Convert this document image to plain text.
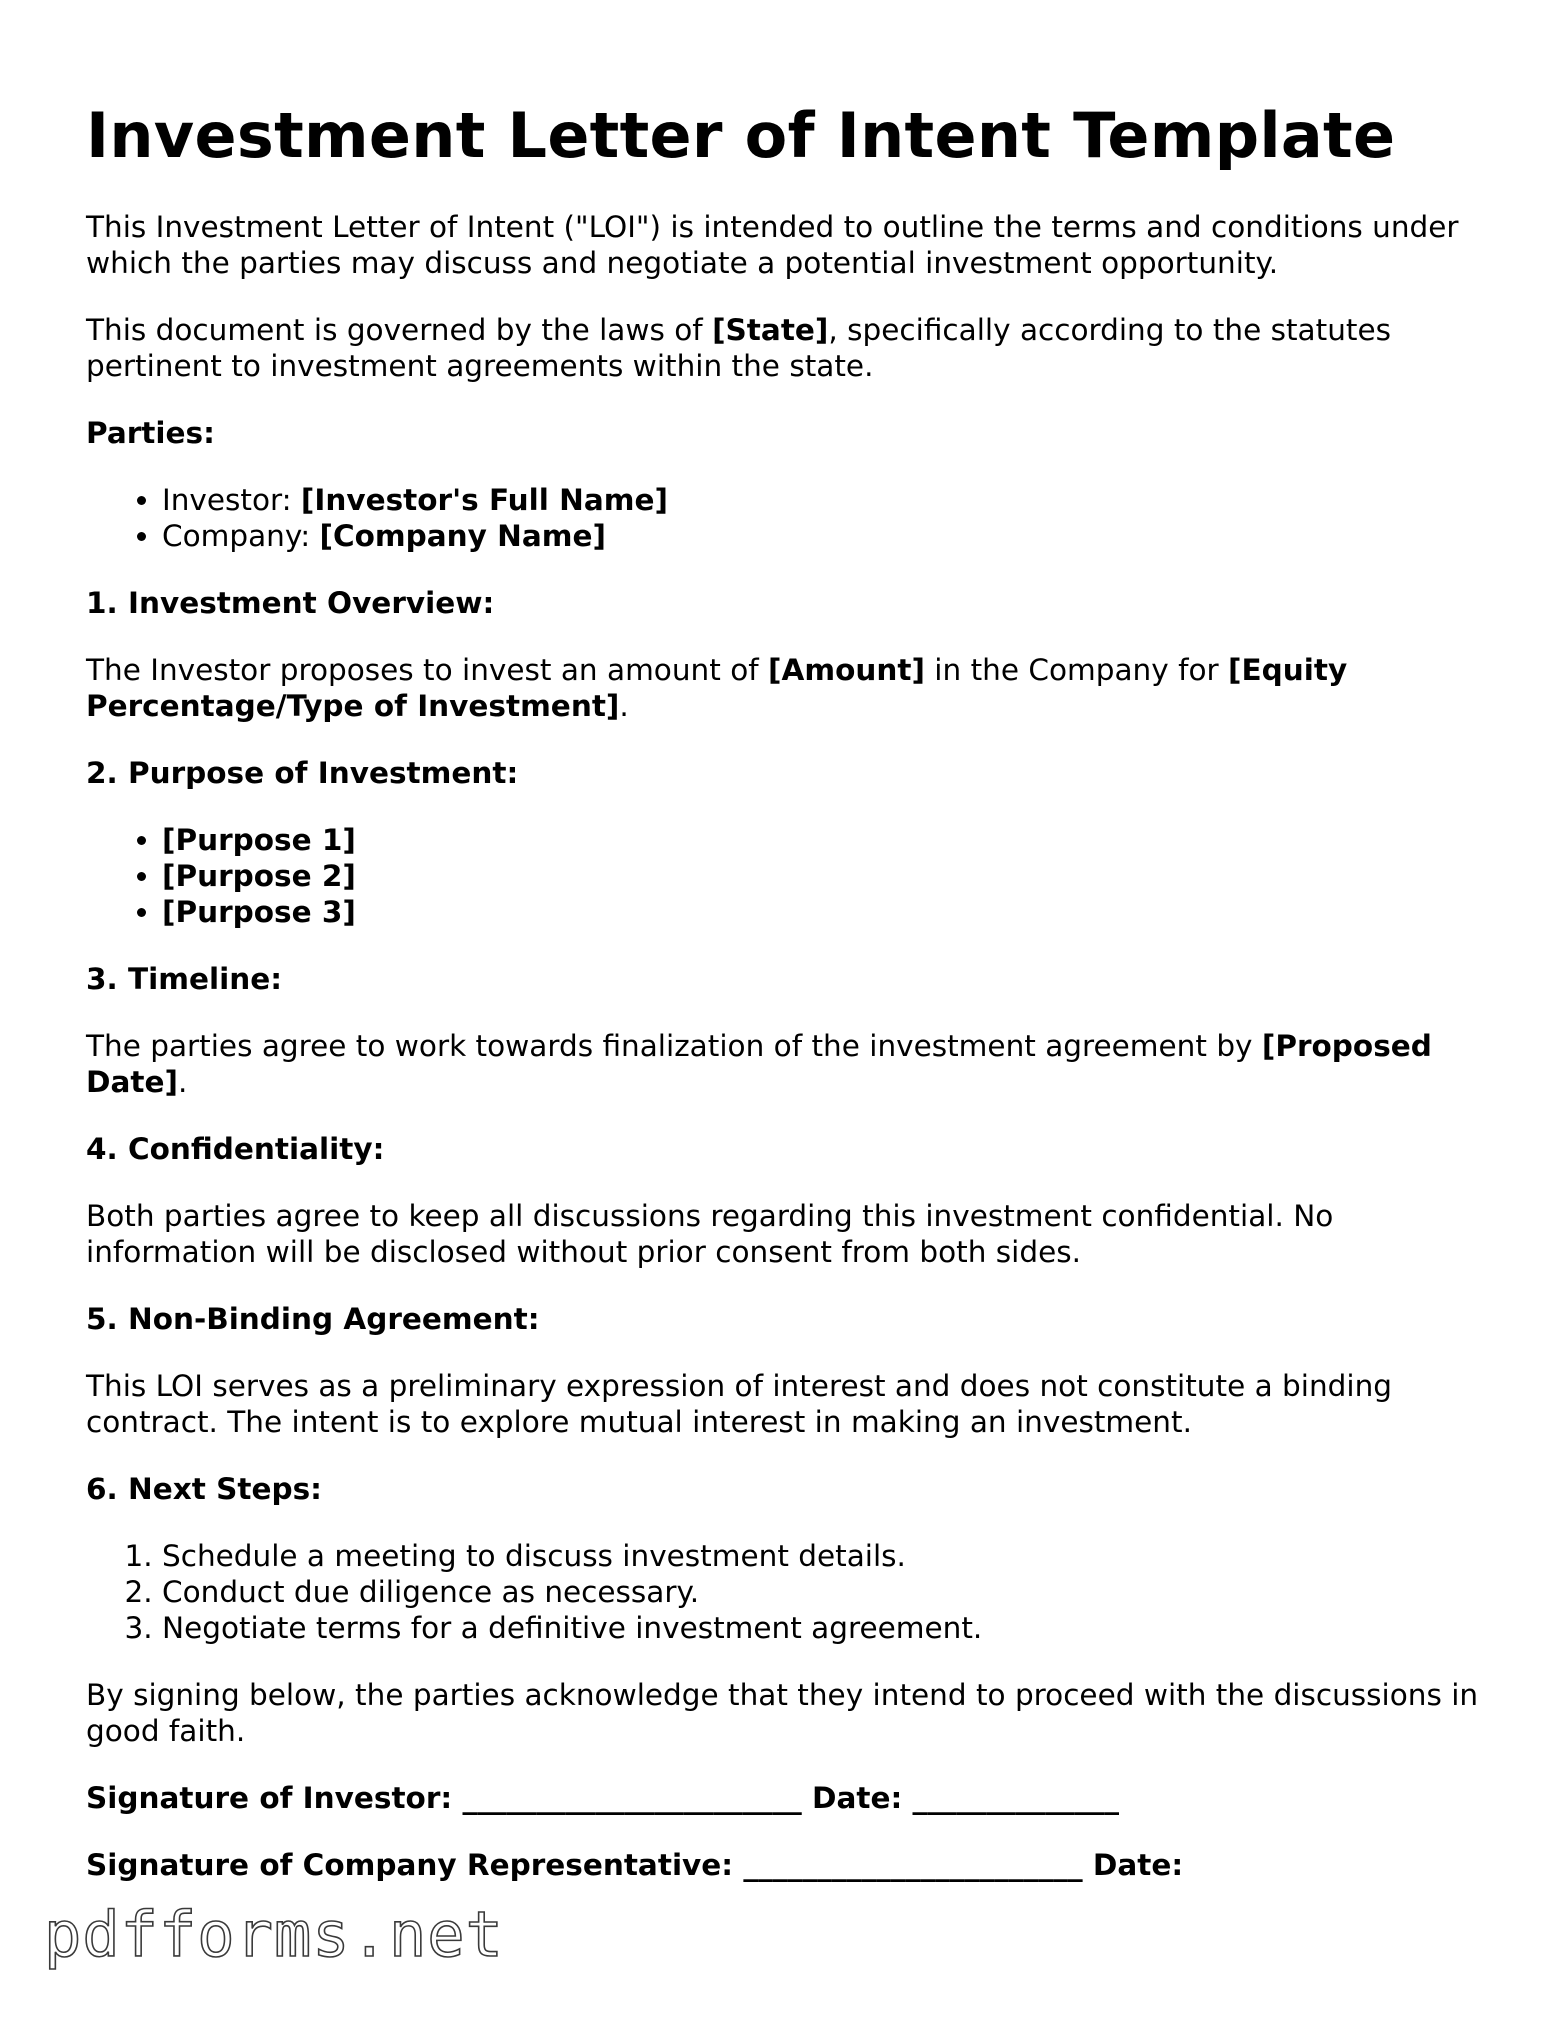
Investment Letter of Intent Template

This Investment Letter of Intent ("LOI") is intended to outline the terms and conditions under which the parties may discuss and negotiate a potential investment opportunity.

This document is governed by the laws of [State], specifically according to the statutes pertinent to investment agreements within the state.

Parties:
• Investor: [Investor's Full Name]
• Company: [Company Name]
1. Investment Overview:

The Investor proposes to invest an amount of [Amount] in the Company for [Equity Percentage/Type of Investment].

2. Purpose of Investment:
• [Purpose 1]
• [Purpose 2]
• [Purpose 3]
3. Timeline:

The parties agree to work towards finalization of the investment agreement by [Proposed Date].

4. Confidentiality:

Both parties agree to keep all discussions regarding this investment confidential. No information will be disclosed without prior consent from both sides.

5. Non-Binding Agreement:

This LOI serves as a preliminary expression of interest and does not constitute a binding contract. The intent is to explore mutual interest in making an investment.

6. Next Steps:
1. Schedule a meeting to discuss investment details.
2. Conduct due diligence as necessary.
3. Negotiate terms for a definitive investment agreement.

By signing below, the parties acknowledge that they intend to proceed with the discussions in good faith.

Signature of Investor: _______________________ Date: ______________
Signature of Company Representative: _______________________ Date:
pdfforms.net
